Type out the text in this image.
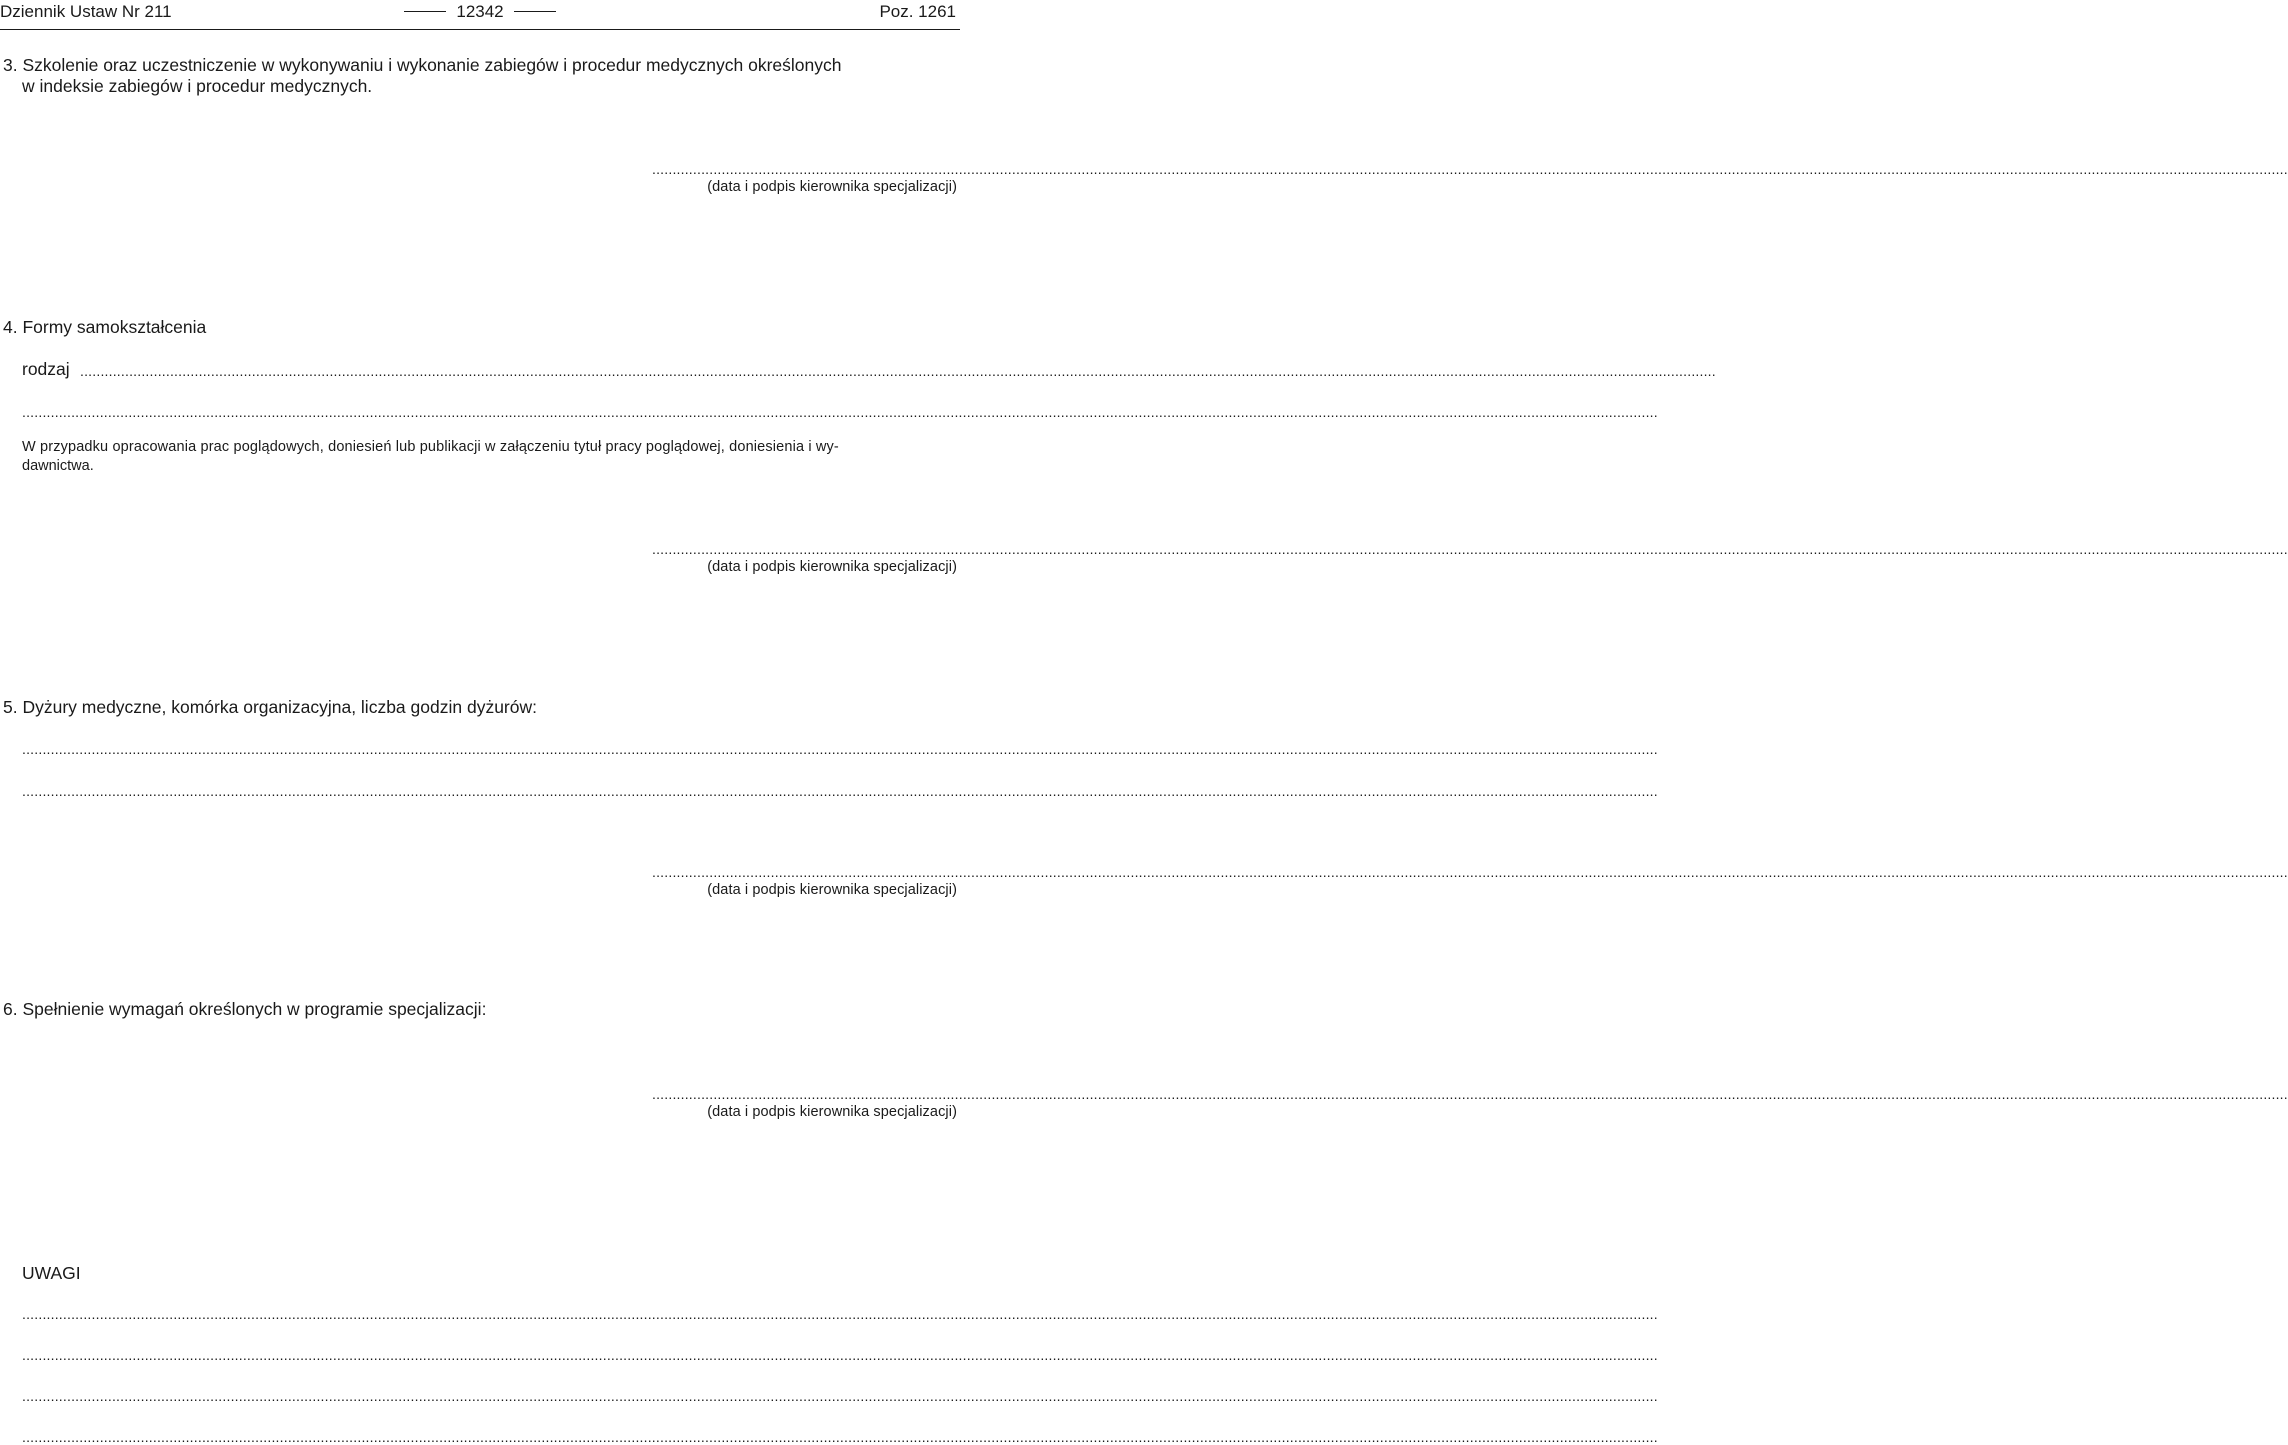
Dziennik Ustaw Nr 211	12342	Poz. 1261
3. Szkolenie oraz uczestniczenie w wykonywaniu i wykonanie zabiegów i procedur medycznych określonych
w indeksie zabiegów i procedur medycznych.
................................................................................................................................................................................................................................................................................................................................................................................................................
(data i podpis kierownika specjalizacji)
4. Formy samokształcenia
rodzaj ................................................................................................................................................................................................................................................................................................................................................................................................................
................................................................................................................................................................................................................................................................................................................................................................................................................
W przypadku opracowania prac poglądowych, doniesień lub publikacji w załączeniu tytuł pracy poglądowej, doniesienia i wy-
dawnictwa.
................................................................................................................................................................................................................................................................................................................................................................................................................
(data i podpis kierownika specjalizacji)
5. Dyżury medyczne, komórka organizacyjna, liczba godzin dyżurów:
................................................................................................................................................................................................................................................................................................................................................................................................................
................................................................................................................................................................................................................................................................................................................................................................................................................
................................................................................................................................................................................................................................................................................................................................................................................................................
(data i podpis kierownika specjalizacji)
6. Spełnienie wymagań określonych w programie specjalizacji:
................................................................................................................................................................................................................................................................................................................................................................................................................
(data i podpis kierownika specjalizacji)
UWAGI
................................................................................................................................................................................................................................................................................................................................................................................................................
................................................................................................................................................................................................................................................................................................................................................................................................................
................................................................................................................................................................................................................................................................................................................................................................................................................
................................................................................................................................................................................................................................................................................................................................................................................................................
